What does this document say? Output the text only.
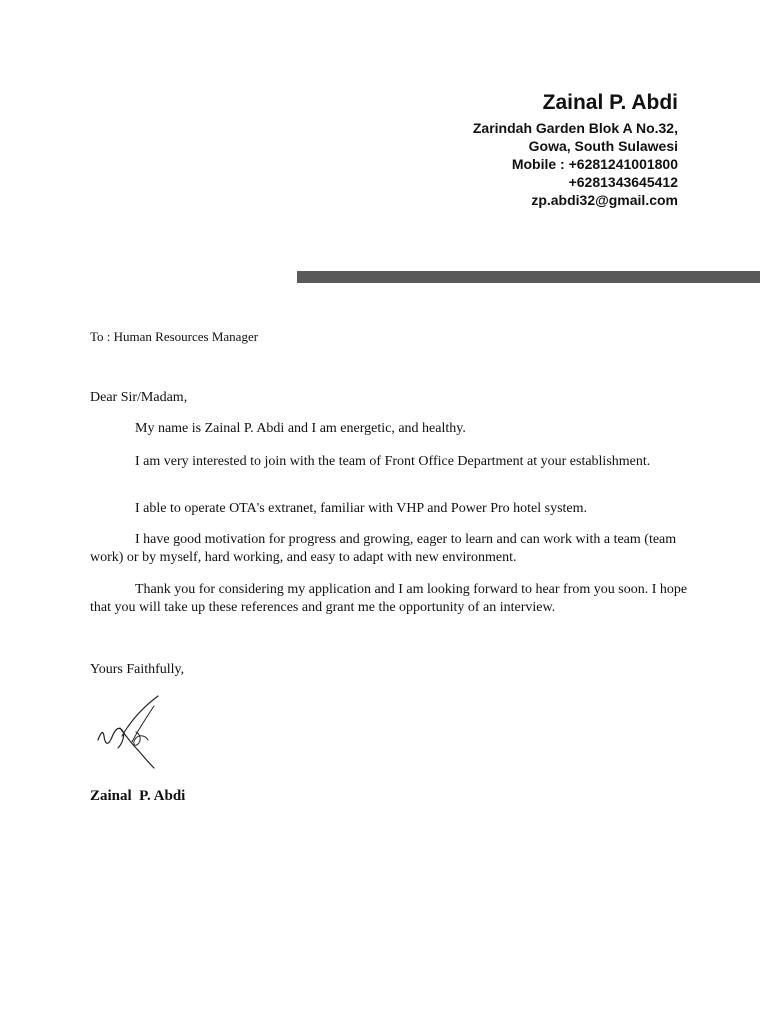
Zainal P. Abdi
Zarindah Garden Blok A No.32,
Gowa, South Sulawesi
Mobile : +6281241001800
+6281343645412
zp.abdi32@gmail.com
To : Human Resources Manager
Dear Sir/Madam,
My name is Zainal P. Abdi and I am energetic, and healthy.
I am very interested to join with the team of Front Office Department at your establishment.
I able to operate OTA's extranet, familiar with VHP and Power Pro hotel system.
I have good motivation for progress and growing, eager to learn and can work with a team (team work) or by myself, hard working, and easy to adapt with new environment.
Thank you for considering my application and I am looking forward to hear from you soon. I hope that you will take up these references and grant me the opportunity of an interview.
Yours Faithfully,
Zainal  P. Abdi
